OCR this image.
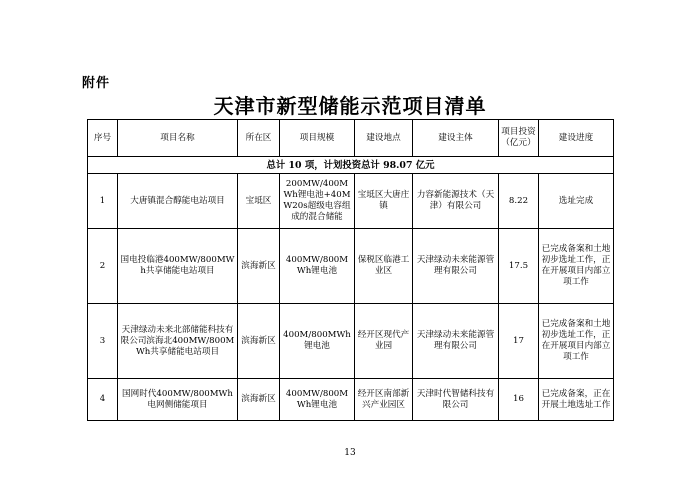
附件
天津市新型储能示范项目清单
序号	项目名称	所在区	项目规模	建设地点	建设主体	项目投资（亿元）	建设进度
总计 10 项，计划投资总计 98.07 亿元							
1	大唐镇混合醇能电站项目	宝坻区	200MW/400MWh锂电池+40MW20s超级电容组成的混合储能	宝坻区大唐庄镇	力容新能源技术（天津）有限公司	8.22	选址完成
2	国电投临港400MW/800MWh共享储能电站项目	滨海新区	400MW/800MWh锂电池	保税区临港工业区	天津绿动未来能源管理有限公司	17.5	已完成备案和土地初步选址工作，正在开展项目内部立项工作
3	天津绿动未来北部储能科技有限公司滨海北400MW/800MWh共享储能电站项目	滨海新区	400M/800MWh锂电池	经开区现代产业园	天津绿动未来能源管理有限公司	17	已完成备案和土地初步选址工作，正在开展项目内部立项工作
4	国网时代400MW/800MWh电网侧储能项目	滨海新区	400MW/800MWh锂电池	经开区南部新兴产业园区	天津时代智储科技有限公司	16	已完成备案，正在开展土地选址工作
13
